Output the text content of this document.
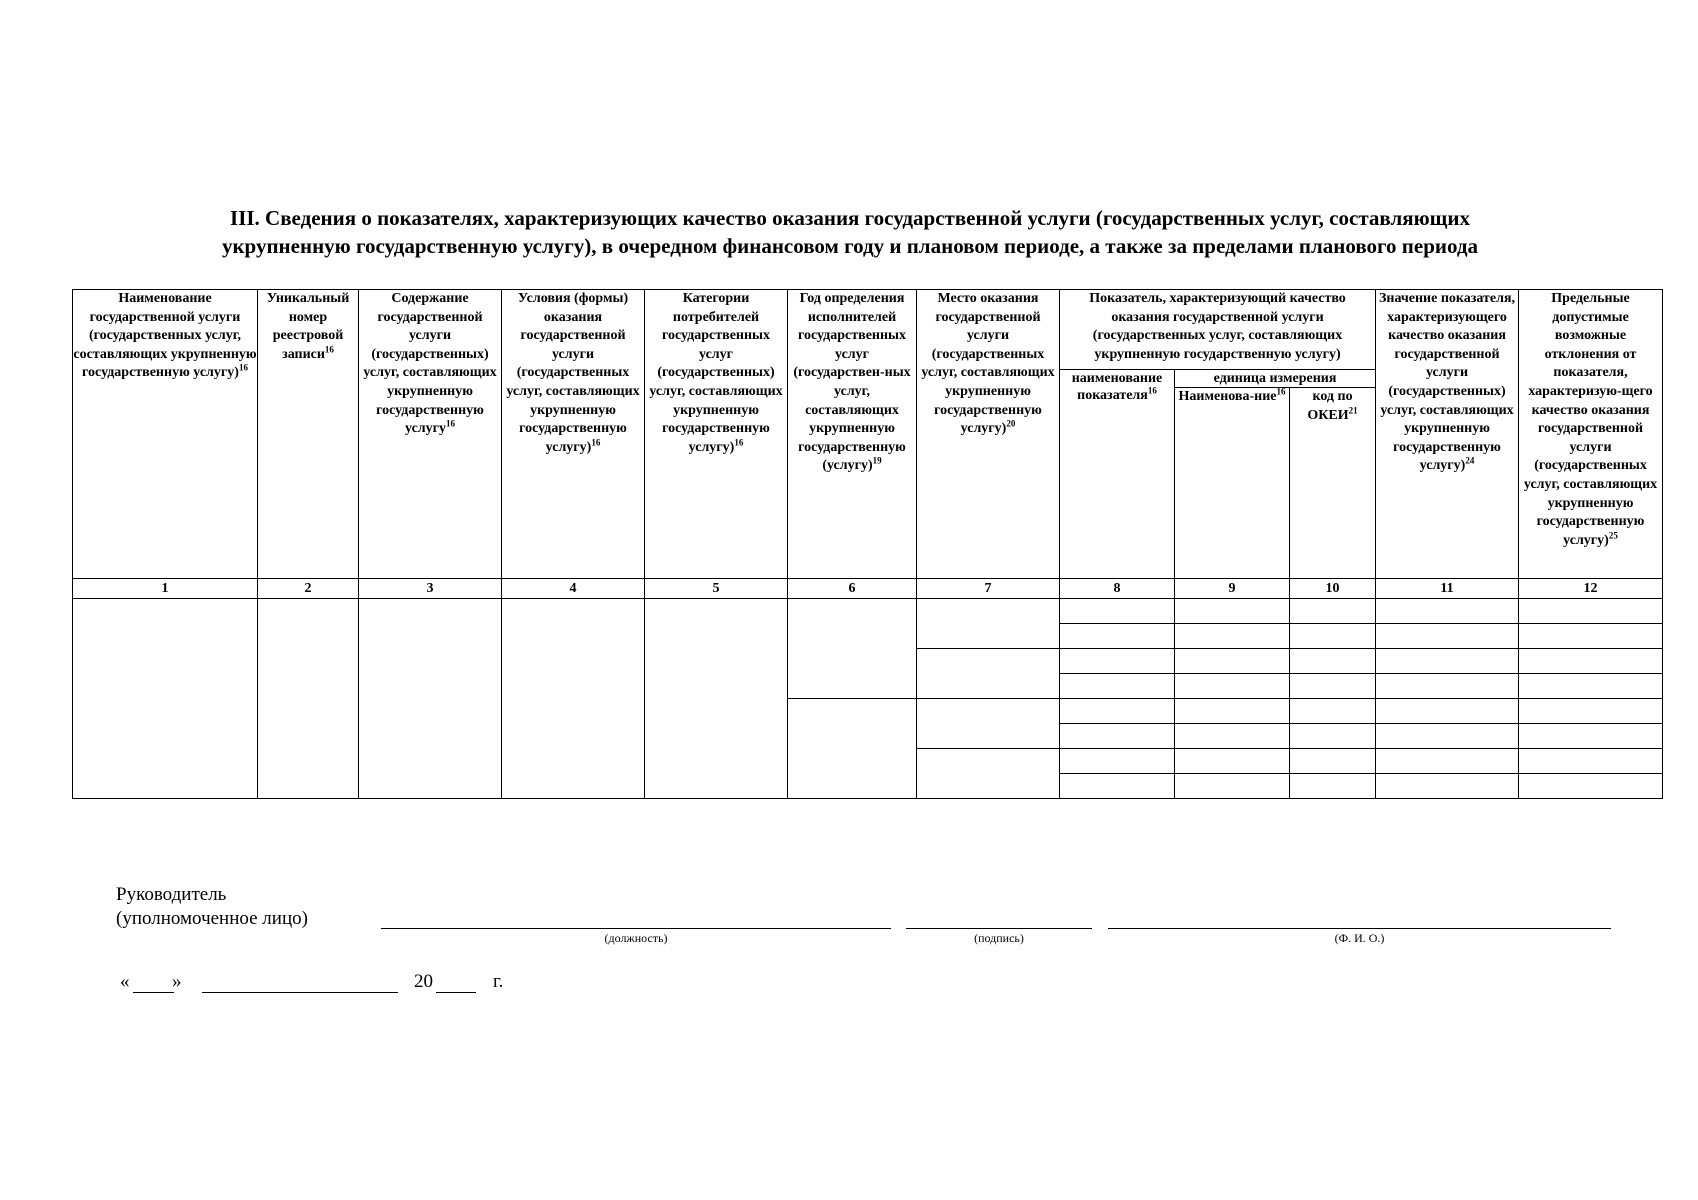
III. Сведения о показателях, характеризующих качество оказания государственной услуги (государственных услуг, составляющих
укрупненную государственную услугу), в очередном финансовом году и плановом периоде, а также за пределами планового периода
Наименование государственной услуги (государственных услуг, составляющих укрупненную государственную услугу)$^{16}$	Уникальный номер реестровой записи$^{16}$	Содержание государственной услуги (государственных) услуг, составляющих укрупненную государственную услугу$^{16}$	Условия (формы) оказания государственной услуги (государственных услуг, составляющих укрупненную государственную услугу)$^{16}$	Категории потребителей государственных услуг (государственных) услуг, составляющих укрупненную государственную услугу)$^{16}$	Год определения исполнителей государственных услуг (государствен-ных услуг, составляющих укрупненную государственную (услугу)$^{19}$	Место оказания государственной услуги (государственных услуг, составляющих укрупненную государственную услугу)$^{20}$	Показатель, характеризующий качество оказания государственной услуги (государственных услуг, составляющих укрупненную государственную услугу)			Значение показателя, характеризующего качество оказания государственной услуги (государственных) услуг, составляющих укрупненную государственную услугу)$^{24}$	Предельные допустимые возможные отклонения от показателя, характеризую-щего качество оказания государственной услуги (государственных услуг, составляющих укрупненную государственную услугу)$^{25}$
							наименование показателя$^{16}$	единица измерения			
								Наименова-ние$^{16}$	код по ОКЕИ$^{21}$
1	2	3	4	5	6	7	8	9	10	11	12

Руководитель
(уполномоченное лицо)
(должность)	(подпись)	(Ф. И. О.)
« »	20	г.
